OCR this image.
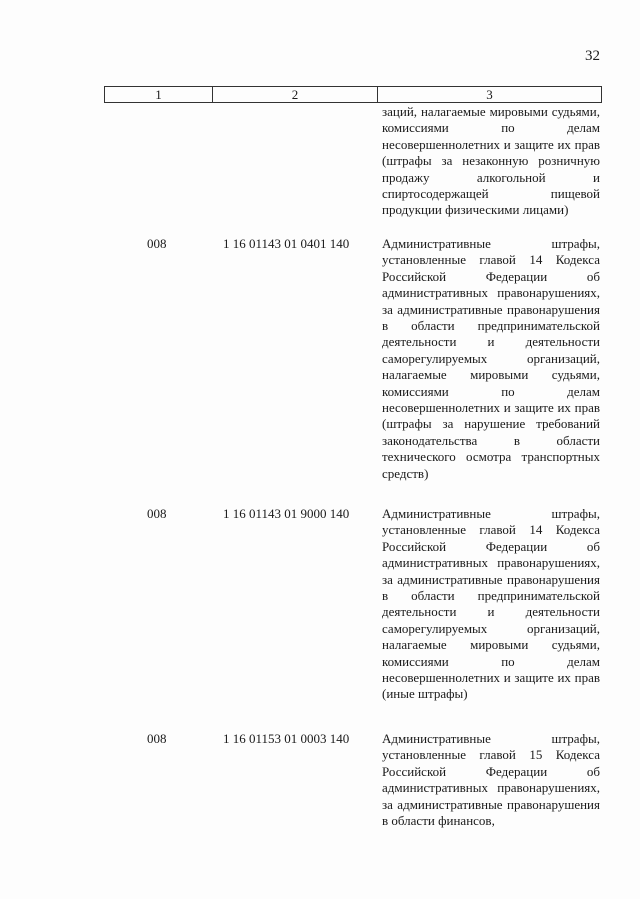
32
1	2	3
заций, налагаемые мировыми судьями, комиссиями по делам несовершеннолетних и защите их прав (штрафы за незаконную розничную продажу алкогольной и спиртосодержащей пищевой продукции физическими лицами)
008	1 16 01143 01 0401 140	Административные штрафы, установленные главой 14 Кодекса Российской Федерации об административных правонарушениях, за административные правонарушения в области предпринимательской деятельности и деятельности саморегулируемых организаций, налагаемые мировыми судьями, комиссиями по делам несовершеннолетних и защите их прав (штрафы за нарушение требований законодательства в области технического осмотра транспортных средств)
008	1 16 01143 01 9000 140	Административные штрафы, установленные главой 14 Кодекса Российской Федерации об административных правонарушениях, за административные правонарушения в области предпринимательской деятельности и деятельности саморегулируемых организаций, налагаемые мировыми судьями, комиссиями по делам несовершеннолетних и защите их прав (иные штрафы)
008	1 16 01153 01 0003 140	Административные штрафы, установленные главой 15 Кодекса Российской Федерации об административных правонарушениях, за административные правонарушения в области финансов,
